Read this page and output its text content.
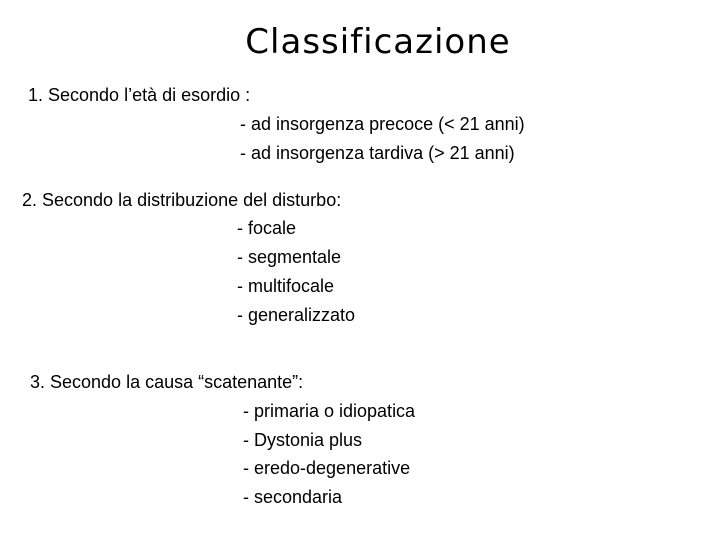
Classificazione
1. Secondo l’età di esordio :
- ad insorgenza precoce (< 21 anni)
- ad insorgenza tardiva (> 21 anni)
2. Secondo la distribuzione del disturbo:
- focale
- segmentale
- multifocale
- generalizzato
3. Secondo la causa “scatenante”:
- primaria o idiopatica
- Dystonia plus
- eredo-degenerative
- secondaria
